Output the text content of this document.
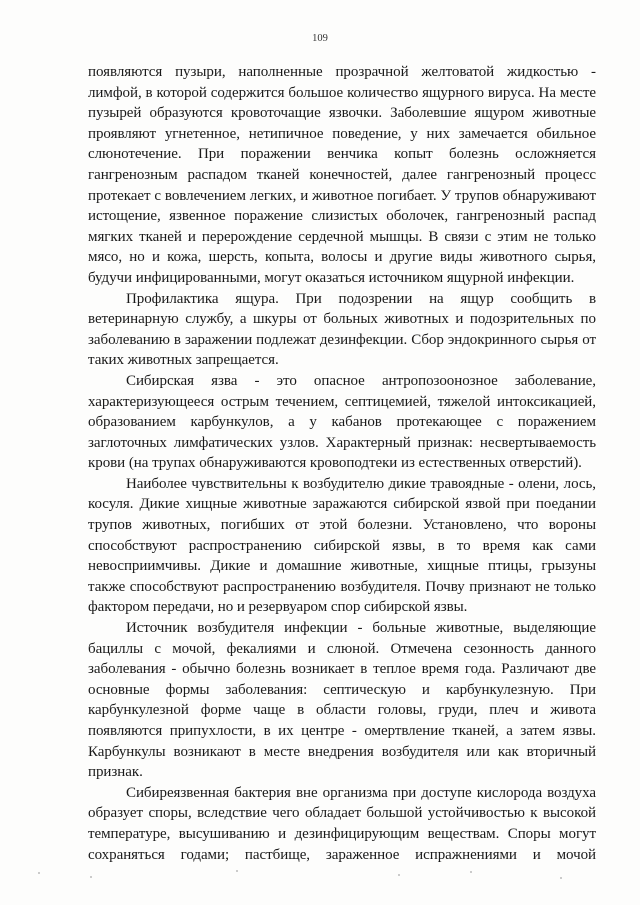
109

появляются пузыри, наполненные прозрачной желтоватой жидкостью - лимфой, в которой содержится большое количество ящурного вируса. На месте пузырей образуются кровоточащие язвочки. Заболевшие ящуром животные проявляют угнетенное, нетипичное поведение, у них замечается обильное слюнотечение. При поражении венчика копыт болезнь осложняется гангренозным распадом тканей конечностей, далее гангренозный процесс протекает с вовлечением легких, и животное погибает. У трупов обнаруживают истощение, язвенное поражение слизистых оболочек, гангренозный распад мягких тканей и перерождение сердечной мышцы. В связи с этим не только мясо, но и кожа, шерсть, копыта, волосы и другие виды животного сырья, будучи инфицированными, могут оказаться источником ящурной инфекции.

Профилактика ящура. При подозрении на ящур сообщить в ветеринарную службу, а шкуры от больных животных и подозрительных по заболеванию в заражении подлежат дезинфекции. Сбор эндокринного сырья от таких животных запрещается.

Сибирская язва - это опасное антропозоонозное заболевание, характеризующееся острым течением, септицемией, тяжелой интоксикацией, образованием карбункулов, а у кабанов протекающее с поражением заглоточных лимфатических узлов. Характерный признак: несвертываемость крови (на трупах обнаруживаются кровоподтеки из естественных отверстий).

Наиболее чувствительны к возбудителю дикие травоядные - олени, лось, косуля. Дикие хищные животные заражаются сибирской язвой при поедании трупов животных, погибших от этой болезни. Установлено, что вороны способствуют распространению сибирской язвы, в то время как сами невосприимчивы. Дикие и домашние животные, хищные птицы, грызуны также способствуют распространению возбудителя. Почву признают не только фактором передачи, но и резервуаром спор сибирской язвы.

Источник возбудителя инфекции - больные животные, выделяющие бациллы с мочой, фекалиями и слюной. Отмечена сезонность данного заболевания - обычно болезнь возникает в теплое время года. Различают две основные формы заболевания: септическую и карбункулезную. При карбункулезной форме чаще в области головы, груди, плеч и живота появляются припухлости, в их центре - омертвление тканей, а затем язвы. Карбункулы возникают в месте внедрения возбудителя или как вторичный признак.

Сибиреязвенная бактерия вне организма при доступе кислорода воздуха образует споры, вследствие чего обладает большой устойчивостью к высокой температуре, высушиванию и дезинфицирующим веществам. Споры могут сохраняться годами; пастбище, зараженное испражнениями и мочой
